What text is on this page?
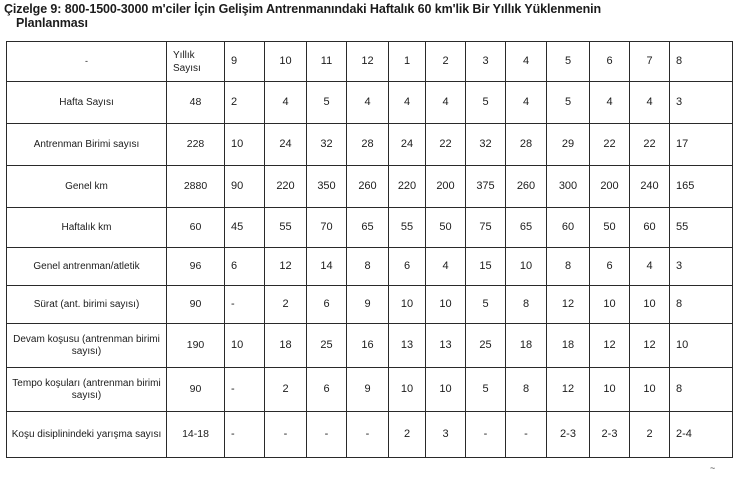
Çizelge 9: 800-1500-3000 m'ciler İçin Gelişim Antrenmanındaki Haftalık 60 km'lik Bir Yıllık Yüklenmenin
Planlanması
-	Yıllık Sayısı	9	10	11	12	1	2	3	4	5	6	7	8
Hafta Sayısı	48	2	4	5	4	4	4	5	4	5	4	4	3
Antrenman Birimi sayısı	228	10	24	32	28	24	22	32	28	29	22	22	17
Genel km	2880	90	220	350	260	220	200	375	260	300	200	240	165
Haftalık km	60	45	55	70	65	55	50	75	65	60	50	60	55
Genel antrenman/atletik	96	6	12	14	8	6	4	15	10	8	6	4	3
Sürat (ant. birimi sayısı)	90	-	2	6	9	10	10	5	8	12	10	10	8
Devam koşusu (antrenman birimi sayısı)	190	10	18	25	16	13	13	25	18	18	12	12	10
Tempo koşuları (antrenman birimi sayısı)	90	-	2	6	9	10	10	5	8	12	10	10	8
Koşu disiplinindeki yarışma sayısı	14-18	-	-	-	-	2	3	-	-	2-3	2-3	2	2-4
~
